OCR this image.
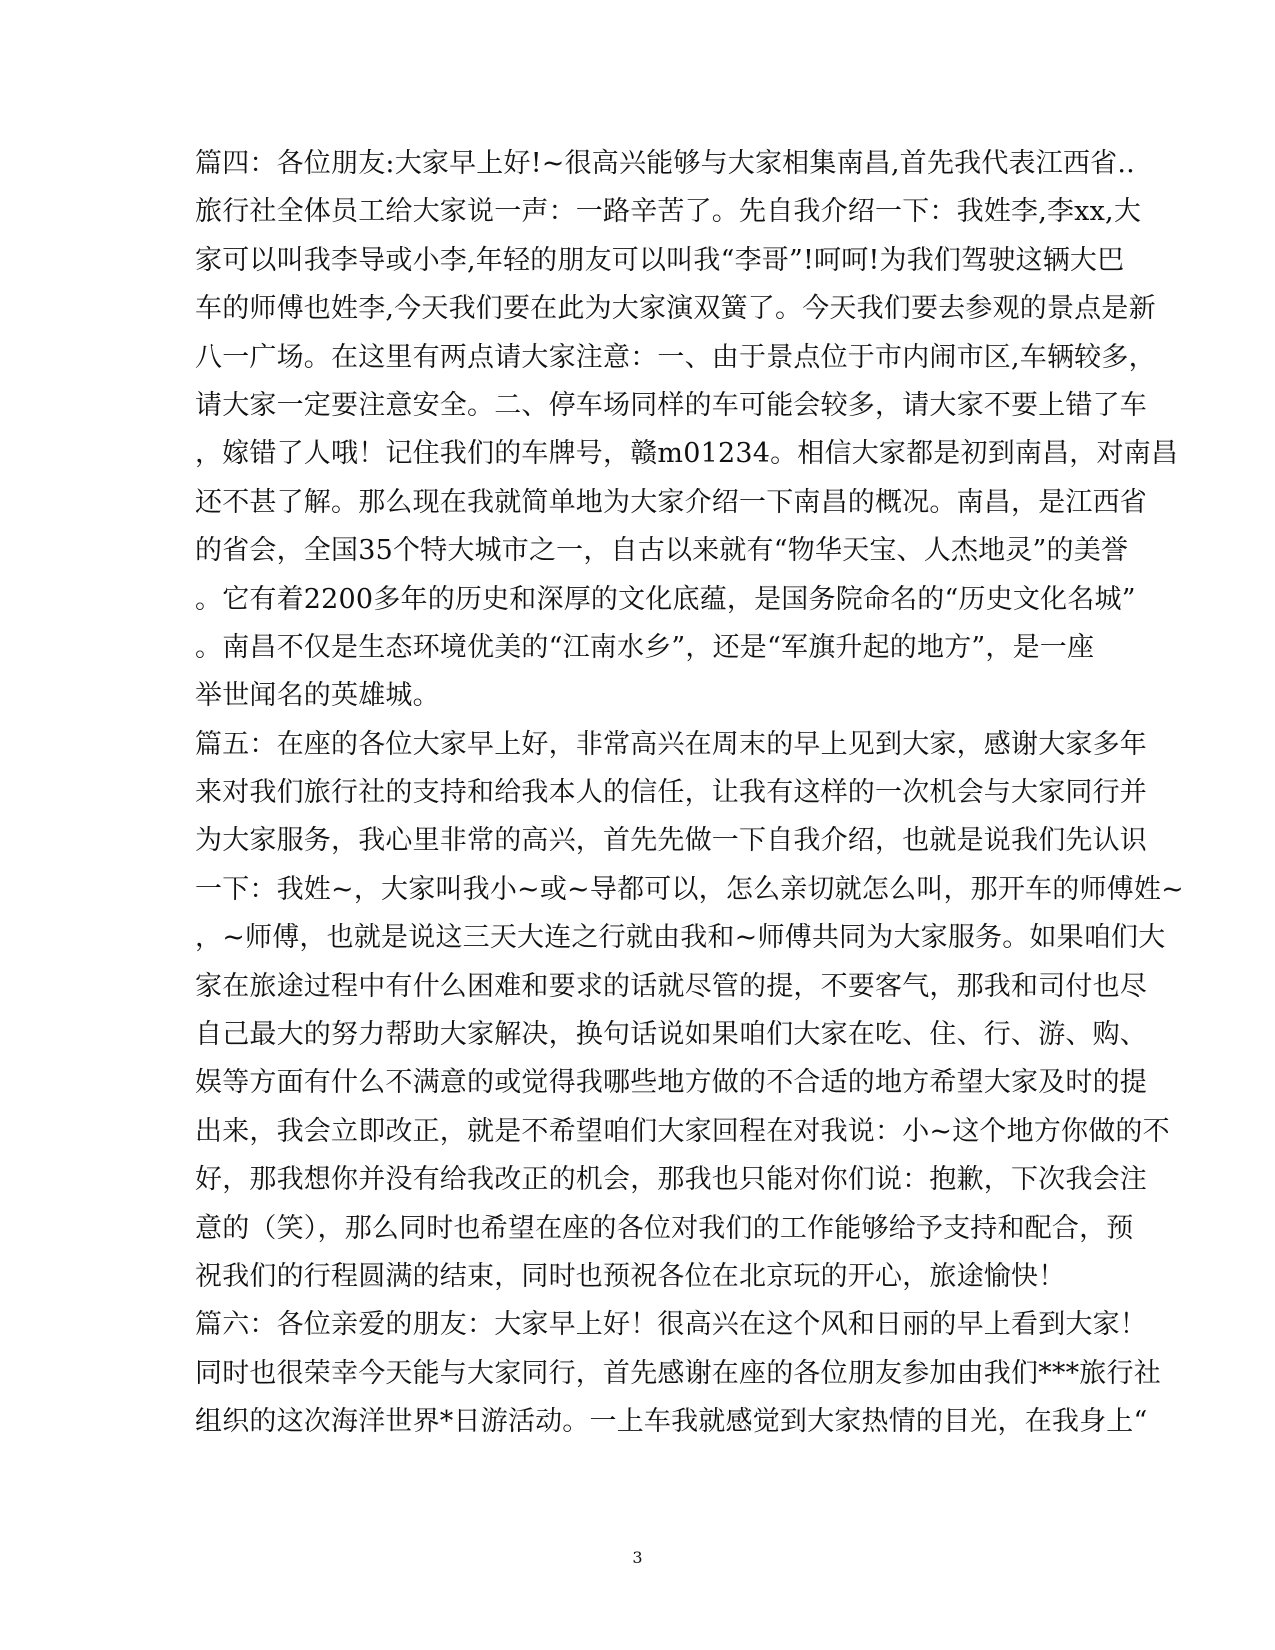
篇四：各位朋友:大家早上好!~很高兴能够与大家相集南昌,首先我代表江西省..
旅行社全体员工给大家说一声：一路辛苦了。先自我介绍一下：我姓李,李xx,大
家可以叫我李导或小李,年轻的朋友可以叫我“李哥”!呵呵!为我们驾驶这辆大巴
车的师傅也姓李,今天我们要在此为大家演双簧了。今天我们要去参观的景点是新
八一广场。在这里有两点请大家注意：一、由于景点位于市内闹市区,车辆较多，
请大家一定要注意安全。二、停车场同样的车可能会较多，请大家不要上错了车
，嫁错了人哦！记住我们的车牌号，赣m01234。相信大家都是初到南昌，对南昌
还不甚了解。那么现在我就简单地为大家介绍一下南昌的概况。南昌，是江西省
的省会，全国35个特大城市之一，自古以来就有“物华天宝、人杰地灵”的美誉
。它有着2200多年的历史和深厚的文化底蕴，是国务院命名的“历史文化名城”
。南昌不仅是生态环境优美的“江南水乡”，还是“军旗升起的地方”，是一座
举世闻名的英雄城。
篇五：在座的各位大家早上好，非常高兴在周末的早上见到大家，感谢大家多年
来对我们旅行社的支持和给我本人的信任，让我有这样的一次机会与大家同行并
为大家服务，我心里非常的高兴，首先先做一下自我介绍，也就是说我们先认识
一下：我姓~，大家叫我小~或~导都可以，怎么亲切就怎么叫，那开车的师傅姓~
，~师傅，也就是说这三天大连之行就由我和~师傅共同为大家服务。如果咱们大
家在旅途过程中有什么困难和要求的话就尽管的提，不要客气，那我和司付也尽
自己最大的努力帮助大家解决，换句话说如果咱们大家在吃、住、行、游、购、
娱等方面有什么不满意的或觉得我哪些地方做的不合适的地方希望大家及时的提
出来，我会立即改正，就是不希望咱们大家回程在对我说：小~这个地方你做的不
好，那我想你并没有给我改正的机会，那我也只能对你们说：抱歉，下次我会注
意的（笑），那么同时也希望在座的各位对我们的工作能够给予支持和配合，预
祝我们的行程圆满的结束，同时也预祝各位在北京玩的开心，旅途愉快！
篇六：各位亲爱的朋友：大家早上好！很高兴在这个风和日丽的早上看到大家！
同时也很荣幸今天能与大家同行，首先感谢在座的各位朋友参加由我们***旅行社
组织的这次海洋世界*日游活动。一上车我就感觉到大家热情的目光，在我身上“
3
